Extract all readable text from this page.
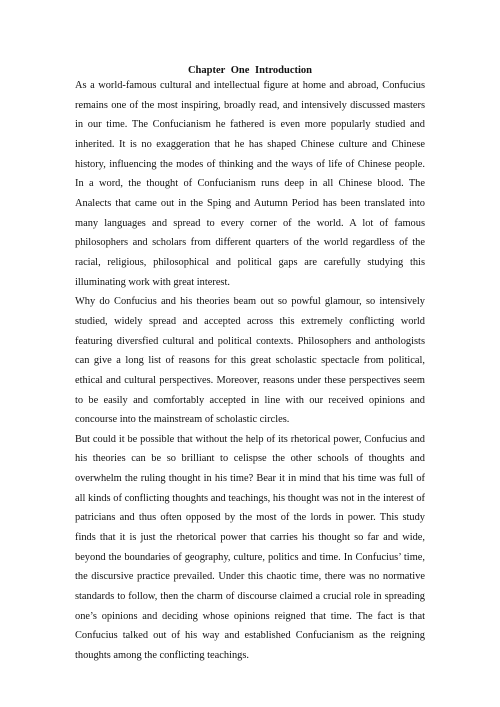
Chapter One Introduction

As a world-famous cultural and intellectual figure at home and abroad, Confucius remains one of the most inspiring, broadly read, and intensively discussed masters in our time. The Confucianism he fathered is even more popularly studied and inherited. It is no exaggeration that he has shaped Chinese culture and Chinese history, influencing the modes of thinking and the ways of life of Chinese people. In a word, the thought of Confucianism runs deep in all Chinese blood. The Analects that came out in the Sping and Autumn Period has been translated into many languages and spread to every corner of the world. A lot of famous philosophers and scholars from different quarters of the world regardless of the racial, religious, philosophical and political gaps are carefully studying this illuminating work with great interest.

Why do Confucius and his theories beam out so powful glamour, so intensively studied, widely spread and accepted across this extremely conflicting world featuring diversfied cultural and political contexts. Philosophers and anthologists can give a long list of reasons for this great scholastic spectacle from political, ethical and cultural perspectives. Moreover, reasons under these perspectives seem to be easily and comfortably accepted in line with our received opinions and concourse into the mainstream of scholastic circles.

But could it be possible that without the help of its rhetorical power, Confucius and his theories can be so brilliant to celispse the other schools of thoughts and overwhelm the ruling thought in his time? Bear it in mind that his time was full of all kinds of conflicting thoughts and teachings, his thought was not in the interest of patricians and thus often opposed by the most of the lords in power. This study finds that it is just the rhetorical power that carries his thought so far and wide, beyond the boundaries of geography, culture, politics and time. In Confucius’ time, the discursive practice prevailed. Under this chaotic time, there was no normative standards to follow, then the charm of discourse claimed a crucial role in spreading one’s opinions and deciding whose opinions reigned that time. The fact is that Confucius talked out of his way and established Confucianism as the reigning thoughts among the conflicting teachings.
